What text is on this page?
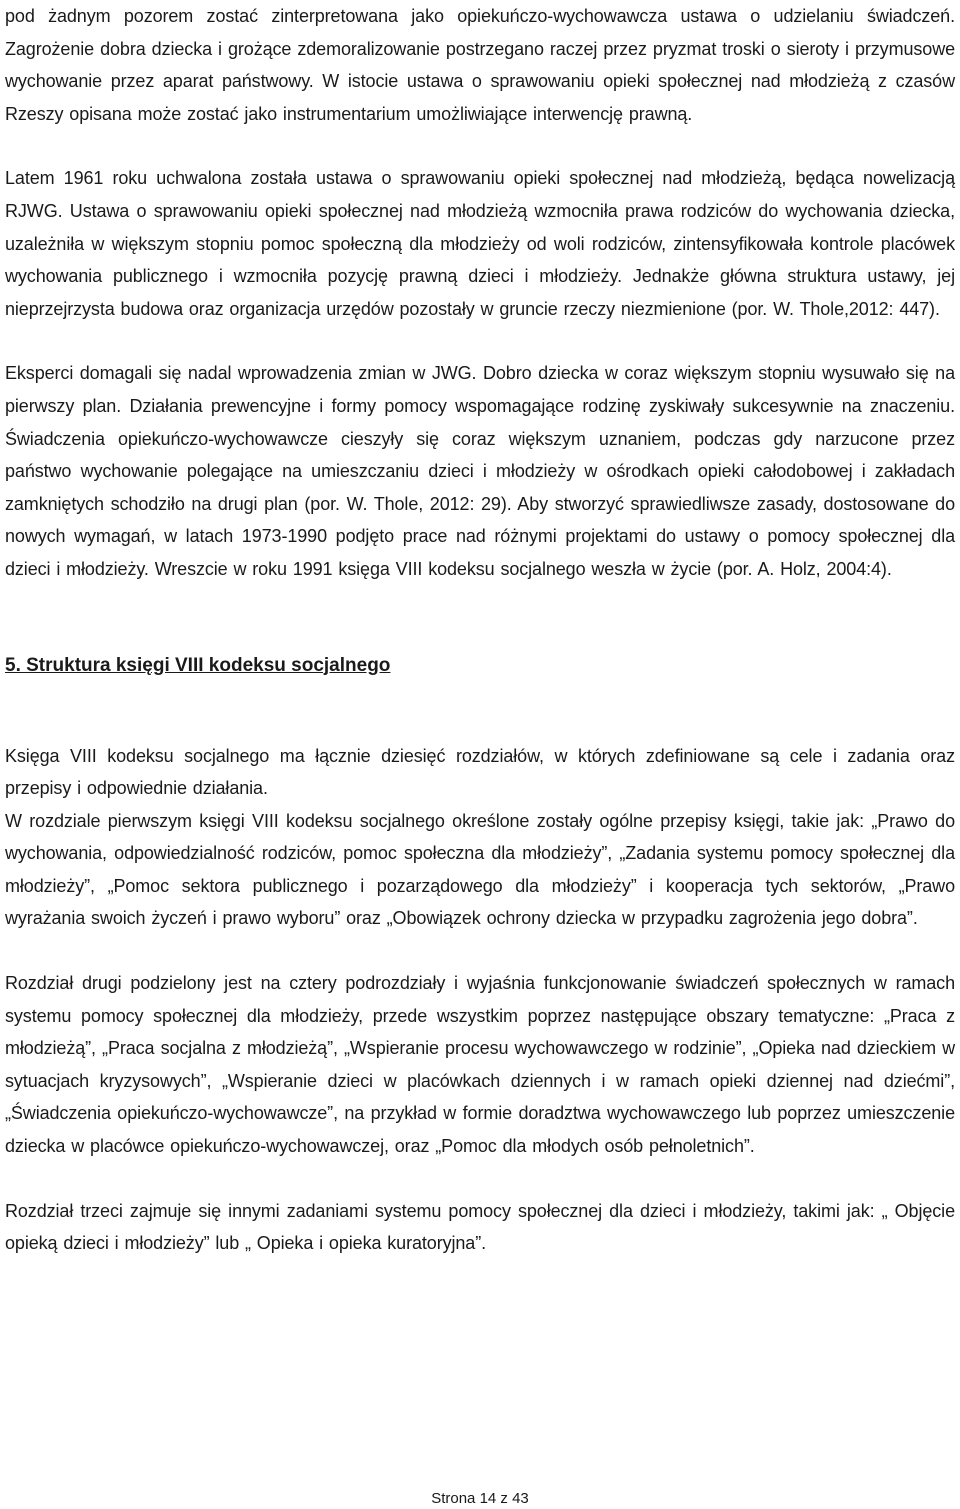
pod żadnym pozorem zostać zinterpretowana jako opiekuńczo-wychowawcza ustawa o udzielaniu świadczeń. Zagrożenie dobra dziecka i grożące zdemoralizowanie postrzegano raczej przez pryzmat troski o sieroty i przymusowe wychowanie przez aparat państwowy. W istocie ustawa o sprawowaniu opieki społecznej nad młodzieżą z czasów Rzeszy opisana może zostać jako instrumentarium umożliwiające interwencję prawną.

Latem 1961 roku uchwalona została ustawa o sprawowaniu opieki społecznej nad młodzieżą, będąca nowelizacją RJWG. Ustawa o sprawowaniu opieki społecznej nad młodzieżą wzmocniła prawa rodziców do wychowania dziecka, uzależniła w większym stopniu pomoc społeczną dla młodzieży od woli rodziców, zintensyfikowała kontrole placówek wychowania publicznego i wzmocniła pozycję prawną dzieci i młodzieży. Jednakże główna struktura ustawy, jej nieprzejrzysta budowa oraz organizacja urzędów pozostały w gruncie rzeczy niezmienione (por. W. Thole,2012: 447).

Eksperci domagali się nadal wprowadzenia zmian w JWG. Dobro dziecka w coraz większym stopniu wysuwało się na pierwszy plan. Działania prewencyjne i formy pomocy wspomagające rodzinę zyskiwały sukcesywnie na znaczeniu. Świadczenia opiekuńczo-wychowawcze cieszyły się coraz większym uznaniem, podczas gdy narzucone przez państwo wychowanie polegające na umieszczaniu dzieci i młodzieży w ośrodkach opieki całodobowej i zakładach zamkniętych schodziło na drugi plan (por. W. Thole, 2012: 29). Aby stworzyć sprawiedliwsze zasady, dostosowane do nowych wymagań, w latach 1973-1990 podjęto prace nad różnymi projektami do ustawy o pomocy społecznej dla dzieci i młodzieży. Wreszcie w roku 1991 księga VIII kodeksu socjalnego weszła w życie (por. A. Holz, 2004:4).

5. Struktura księgi VIII kodeksu socjalnego

Księga VIII kodeksu socjalnego ma łącznie dziesięć rozdziałów, w których zdefiniowane są cele i zadania oraz przepisy i odpowiednie działania.

W rozdziale pierwszym księgi VIII kodeksu socjalnego określone zostały ogólne przepisy księgi, takie jak: „Prawo do wychowania, odpowiedzialność rodziców, pomoc społeczna dla młodzieży”, „Zadania systemu pomocy społecznej dla młodzieży”, „Pomoc sektora publicznego i pozarządowego dla młodzieży” i kooperacja tych sektorów, „Prawo wyrażania swoich życzeń i prawo wyboru” oraz „Obowiązek ochrony dziecka w przypadku zagrożenia jego dobra”.

Rozdział drugi podzielony jest na cztery podrozdziały i wyjaśnia funkcjonowanie świadczeń społecznych w ramach systemu pomocy społecznej dla młodzieży, przede wszystkim poprzez następujące obszary tematyczne: „Praca z młodzieżą”, „Praca socjalna z młodzieżą”, „Wspieranie procesu wychowawczego w rodzinie”, „Opieka nad dzieckiem w sytuacjach kryzysowych”, „Wspieranie dzieci w placówkach dziennych i w ramach opieki dziennej nad dziećmi”, „Świadczenia opiekuńczo-wychowawcze”, na przykład w formie doradztwa wychowawczego lub poprzez umieszczenie dziecka w placówce opiekuńczo-wychowawczej, oraz „Pomoc dla młodych osób pełnoletnich”.

Rozdział trzeci zajmuje się innymi zadaniami systemu pomocy społecznej dla dzieci i młodzieży, takimi jak: „ Objęcie opieką dzieci i młodzieży” lub „ Opieka i opieka kuratoryjna”.

Strona 14 z 43
